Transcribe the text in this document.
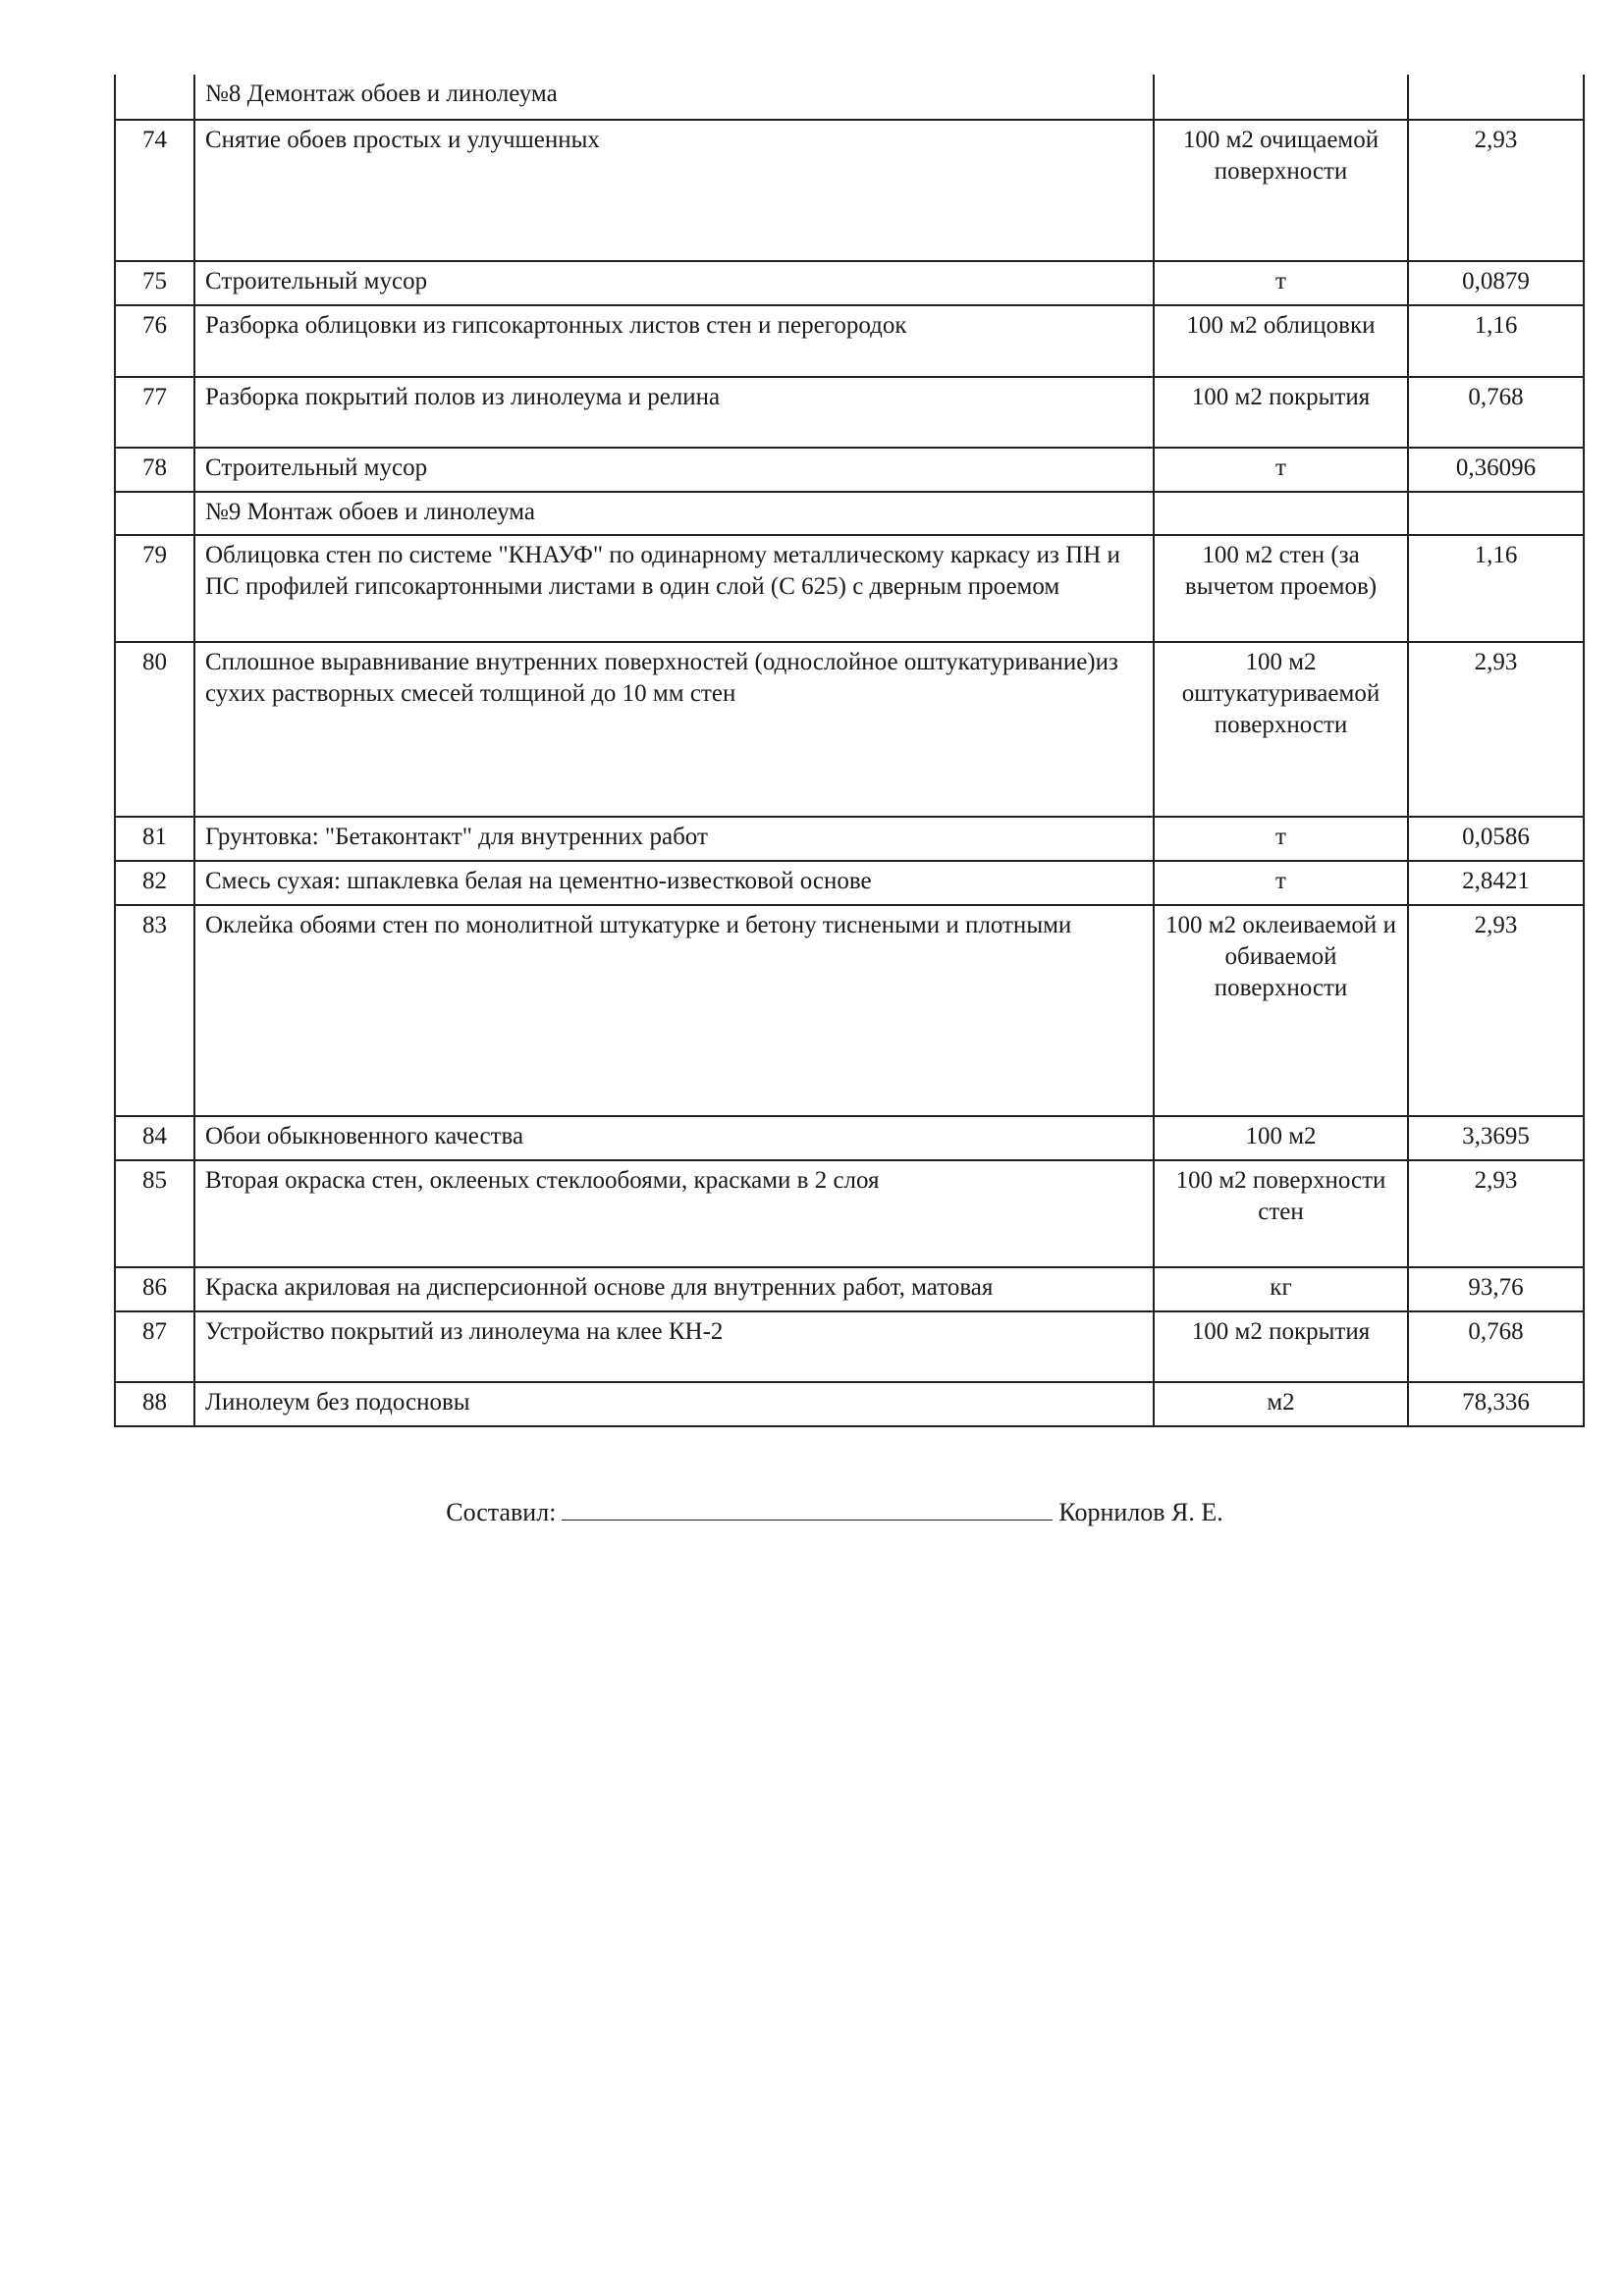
	№8 Демонтаж обоев и линолеума		
74	Снятие обоев простых и улучшенных	100 м2 очищаемой поверхности	2,93
75	Строительный мусор	т	0,0879
76	Разборка облицовки из гипсокартонных листов стен и перегородок	100 м2 облицовки	1,16
77	Разборка покрытий полов из линолеума и релина	100 м2 покрытия	0,768
78	Строительный мусор	т	0,36096
	№9 Монтаж обоев и линолеума		
79	Облицовка стен по системе "КНАУФ" по одинарному металлическому каркасу из ПН и ПС профилей гипсокартонными листами в один слой (С 625) с дверным проемом	100 м2 стен (за вычетом проемов)	1,16
80	Сплошное выравнивание внутренних поверхностей (однослойное оштукатуривание)из сухих растворных смесей толщиной до 10 мм стен	100 м2 оштукатуриваемой поверхности	2,93
81	Грунтовка: "Бетаконтакт" для внутренних работ	т	0,0586
82	Смесь сухая: шпаклевка белая на цементно-известковой основе	т	2,8421
83	Оклейка обоями стен по монолитной штукатурке и бетону тиснеными и плотными	100 м2 оклеиваемой и обиваемой поверхности	2,93
84	Обои обыкновенного качества	100 м2	3,3695
85	Вторая окраска стен, оклееных стеклообоями, красками в 2 слоя	100 м2 поверхности стен	2,93
86	Краска акриловая на дисперсионной основе для внутренних работ, матовая	кг	93,76
87	Устройство покрытий из линолеума на клее КН-2	100 м2 покрытия	0,768
88	Линолеум без подосновы	м2	78,336
Составил:	Корнилов Я. Е.
